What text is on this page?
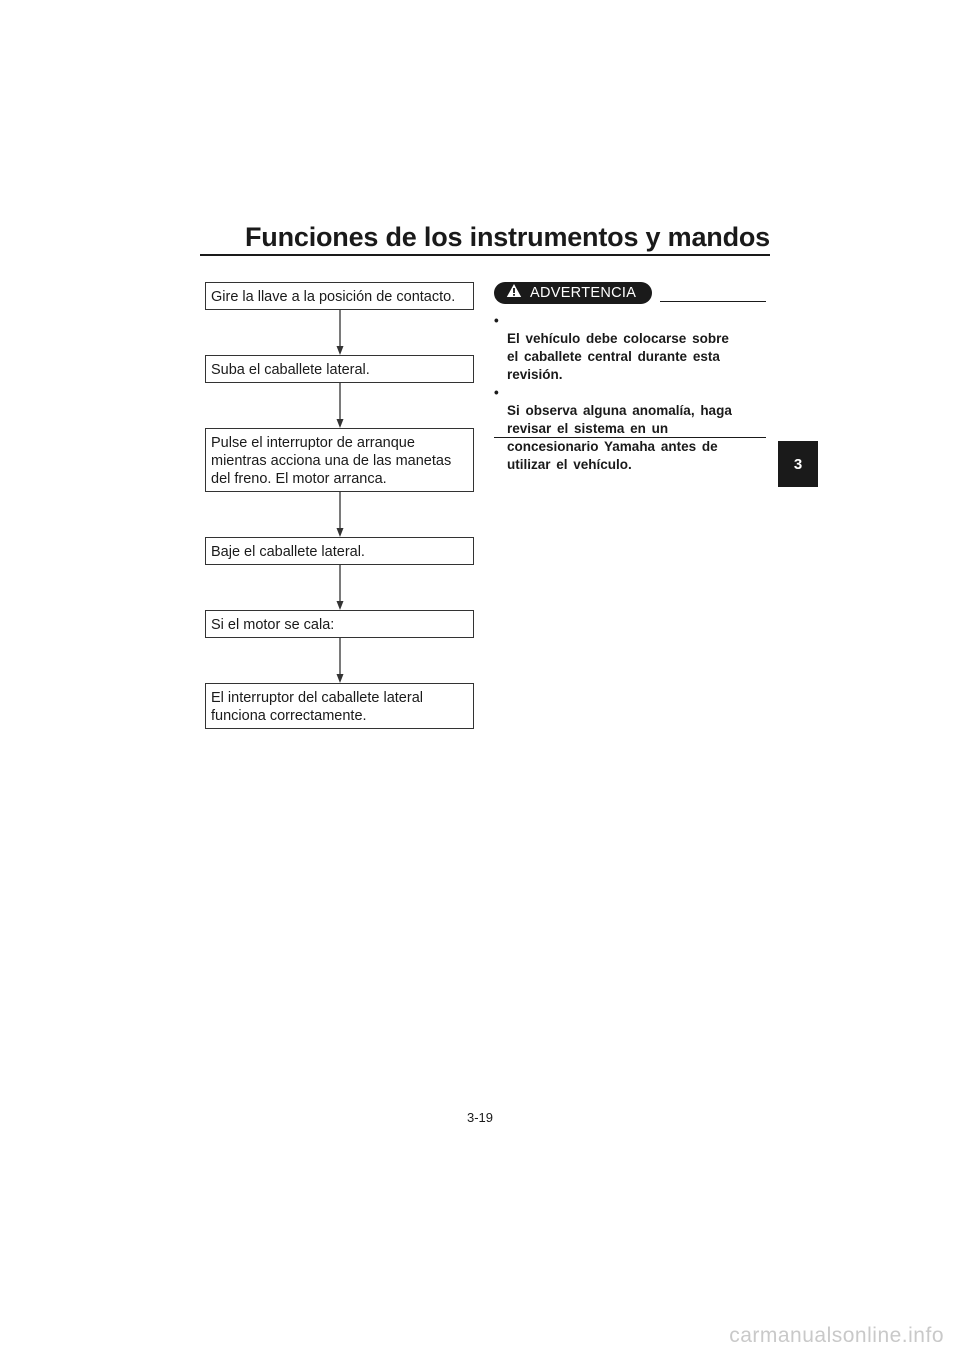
Funciones de los instrumentos y mandos
Gire la llave a la posición de contacto.
Suba el caballete lateral.
Pulse el interruptor de arranque
mientras acciona una de las manetas
del freno. El motor arranca.
Baje el caballete lateral.
Si el motor se cala:
El interruptor del caballete lateral
funciona correctamente.
ADVERTENCIA

•
El vehículo debe colocarse sobre
el caballete central durante esta
revisión.

•
Si observa alguna anomalía, haga
revisar el sistema en un
concesionario Yamaha antes de
utilizar el vehículo.	3
3-19
carmanualsonline.info
